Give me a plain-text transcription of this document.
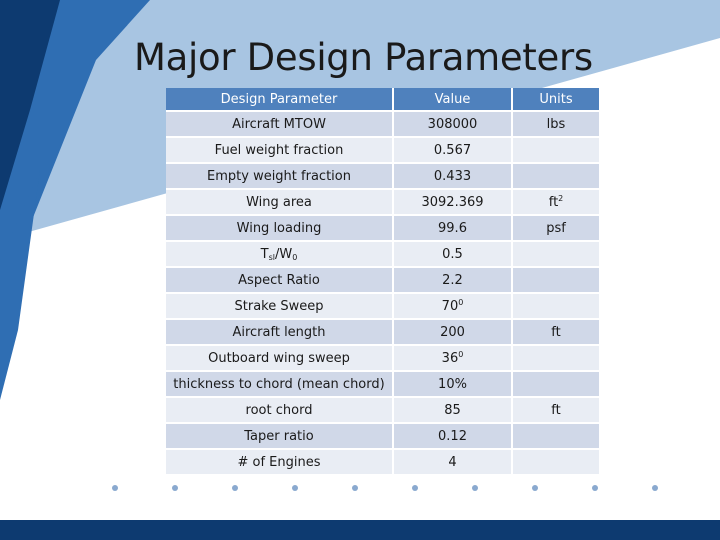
Major Design Parameters
Design Parameter	Value	Units
Aircraft MTOW	308000	lbs
Fuel weight fraction	0.567	
Empty weight fraction	0.433	
Wing area	3092.369	$ft^2$
Wing loading	99.6	psf
$T_{sl}/W_0$	0.5	
Aspect Ratio	2.2	
Strake Sweep	$70^0$	
Aircraft length	200	ft
Outboard wing sweep	$36^0$	
thickness to chord (mean chord)	10%	
root chord	85	ft
Taper ratio	0.12	
# of Engines	4	
